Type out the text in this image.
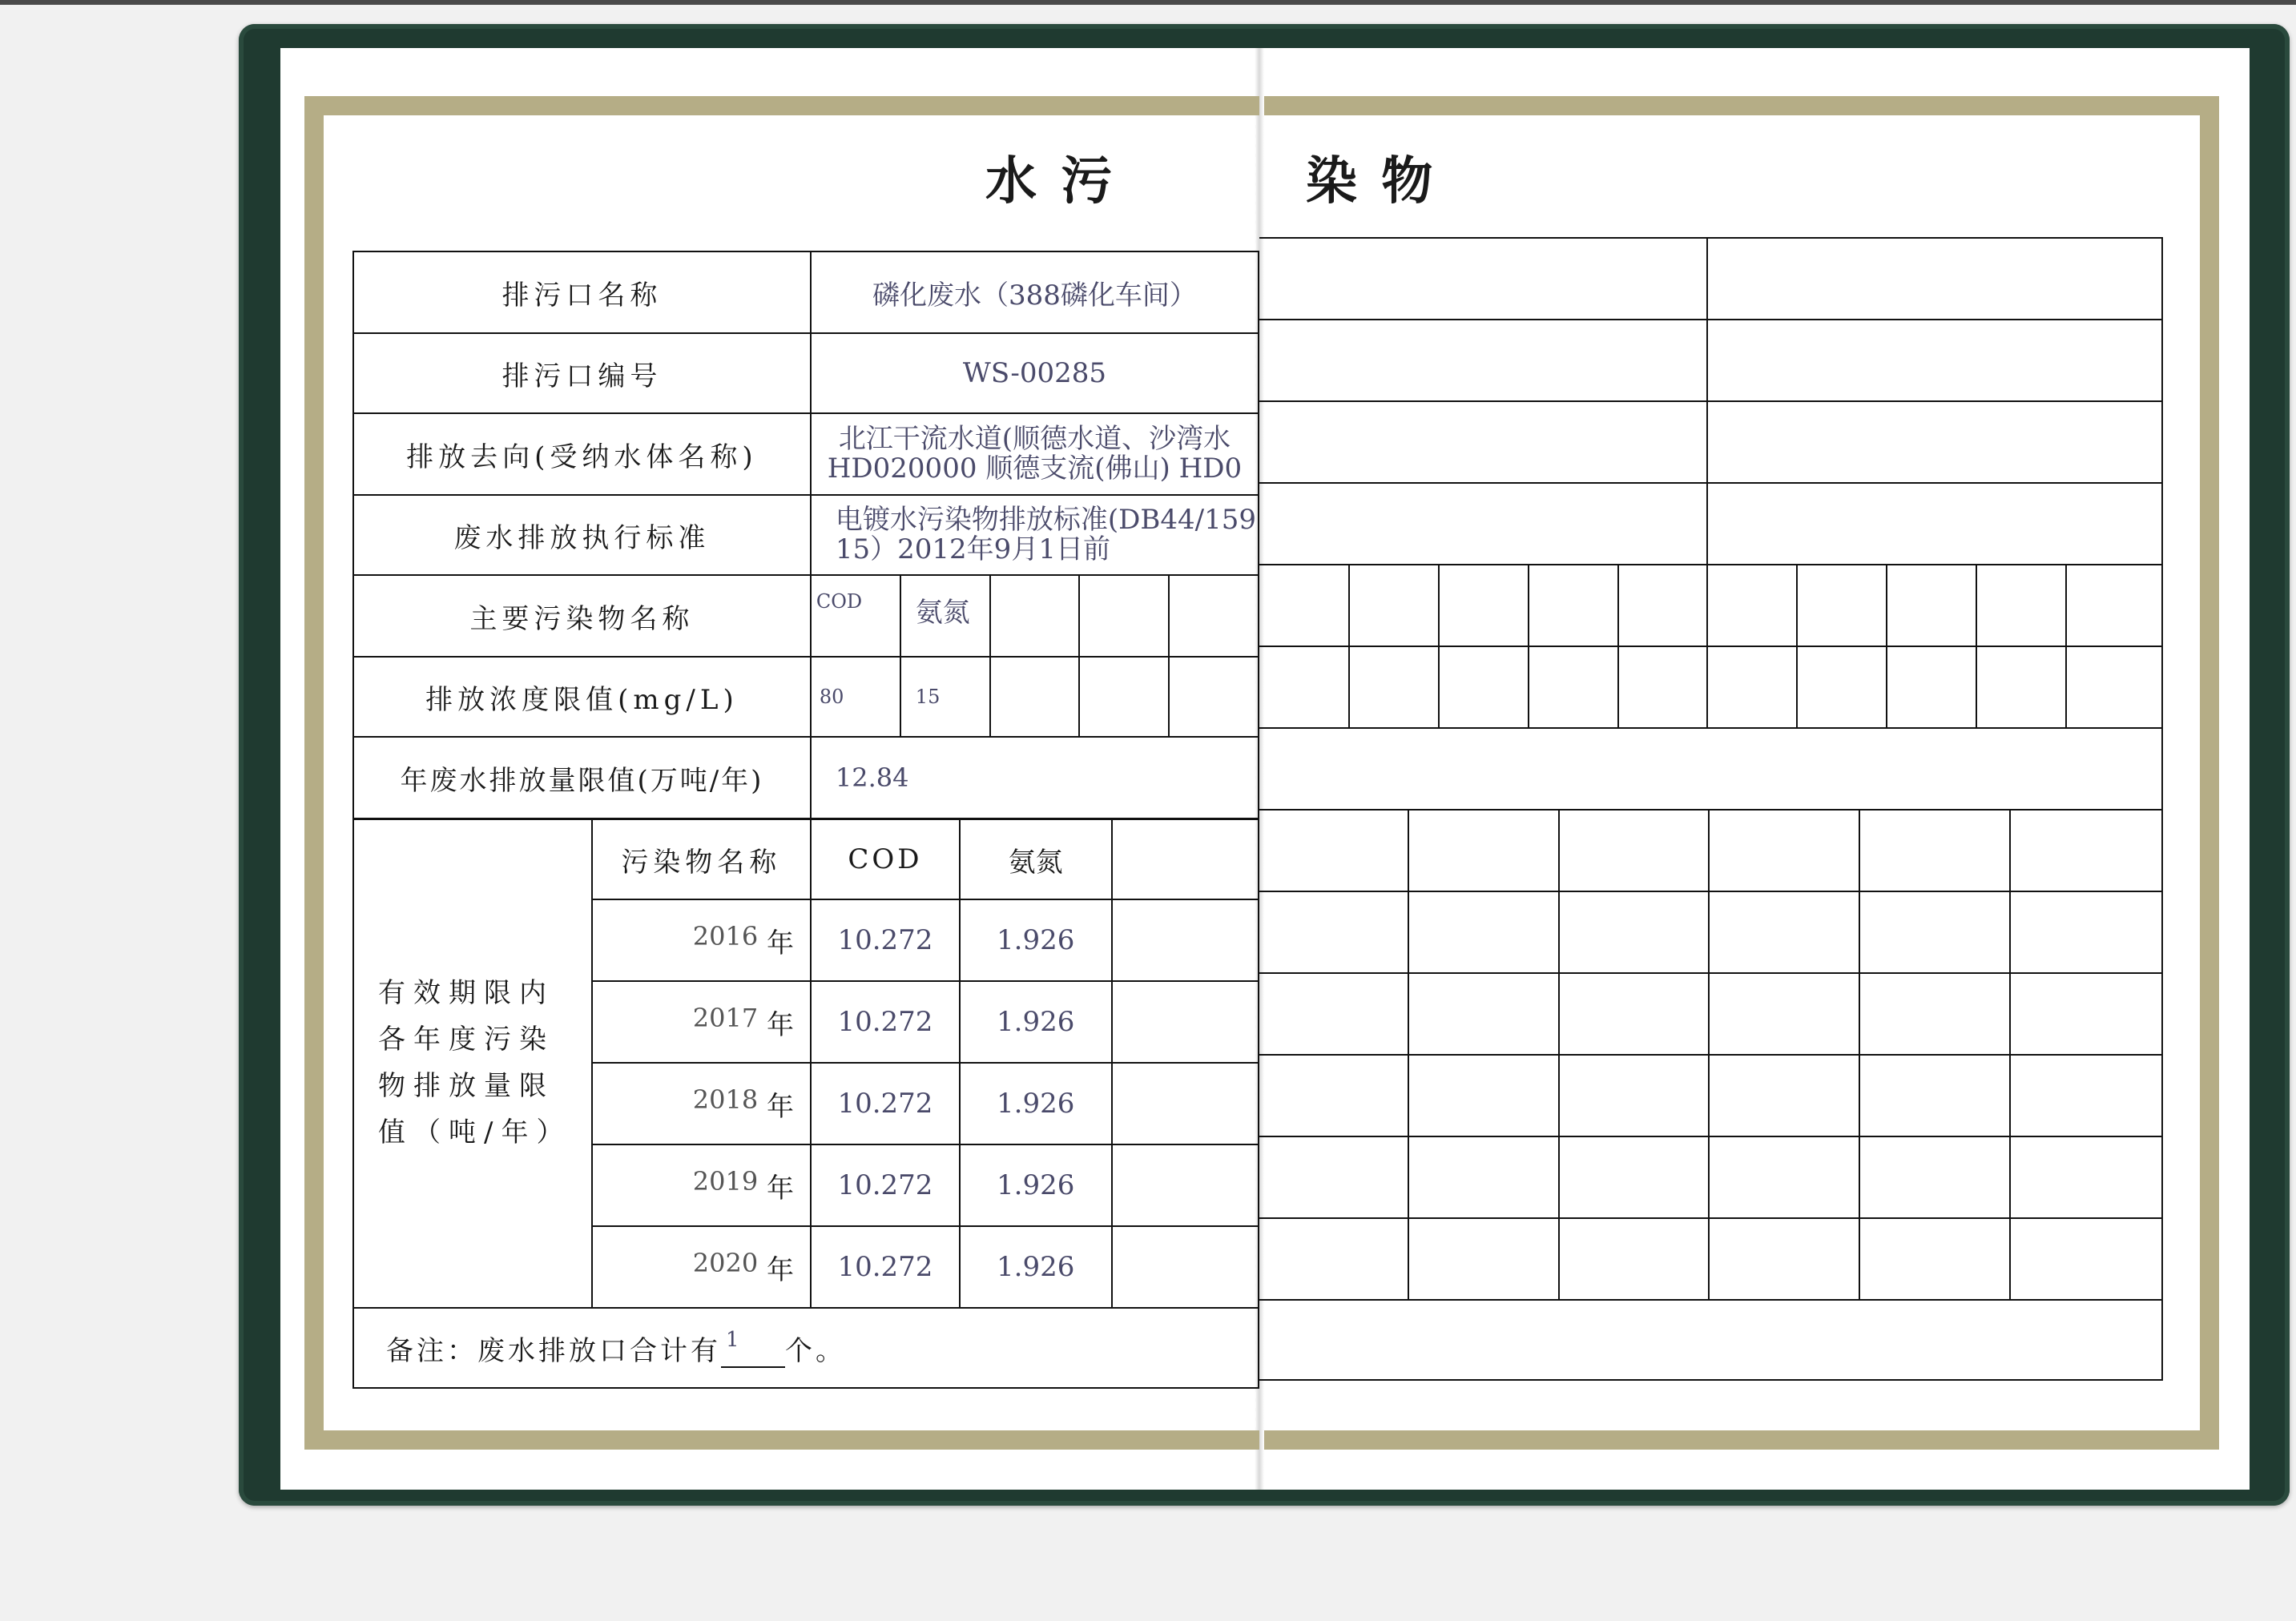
水 污	染 物
排污口名称	磷化废水（388磷化车间）				
排污口编号	WS-00285				
排放去向(受纳水体名称)	北江干流水道(顺德水道、沙湾水 HD020000 顺德支流(佛山) HD0				
废水排放执行标准	电镀水污染物排放标准(DB44/159 15）2012年9月1日前				
主要污染物名称	COD	氨氮			
排放浓度限值(mg/L)	80	15			
年废水排放量限值(万吨/年)	12.84				
有效期限内各年度污染物排放量限值（吨/年）	污染物名称	COD	氨氮	
	2016 年	10.272	1.926	
	2017 年	10.272	1.926	
	2018 年	10.272	1.926	
	2019 年	10.272	1.926	
	2020 年	10.272	1.926	
备注：废水排放口合计有 1 个。				
